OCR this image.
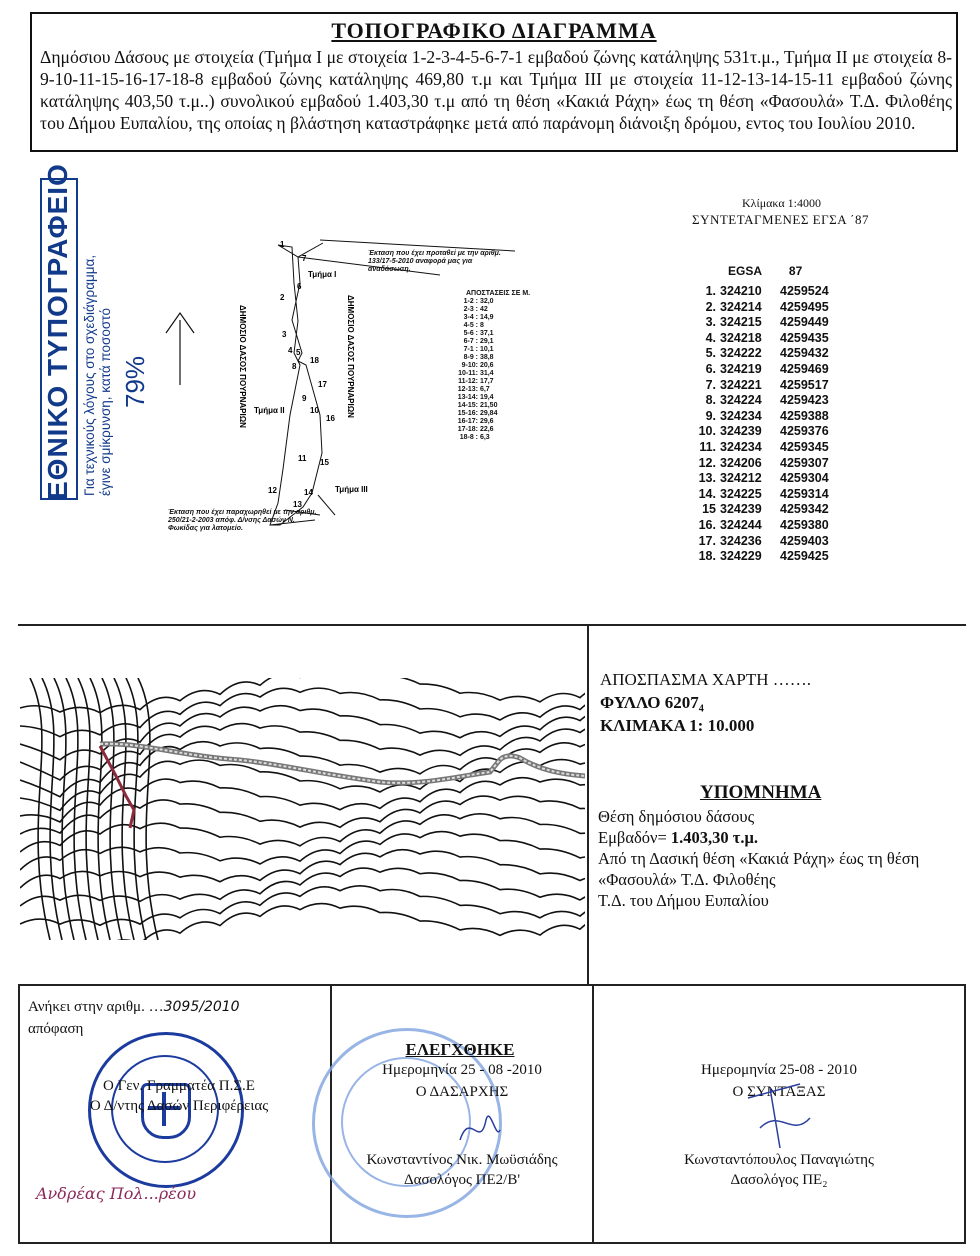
ΤΟΠΟΓΡΑΦΙΚΟ ΔΙΑΓΡΑΜΜΑ
Δημόσιου Δάσους με στοιχεία (Τμήμα Ι με στοιχεία 1-2-3-4-5-6-7-1 εμβαδού ζώνης κατάληψης 531τ.μ., Τμήμα ΙΙ με στοιχεία 8-9-10-11-15-16-17-18-8 εμβαδού ζώνης κατάληψης 469,80 τ.μ και Τμήμα ΙΙΙ με στοιχεία 11-12-13-14-15-11 εμβαδού ζώνης κατάληψης 403,50 τ.μ..) συνολικού εμβαδού 1.403,30 τ.μ από τη θέση «Κακιά Ράχη» έως τη θέση «Φασουλά» Τ.Δ. Φιλοθέης του Δήμου Ευπαλίου, της οποίας η βλάστηση καταστράφηκε μετά από παράνομη διάνοιξη δρόμου, εντος του Ιουλίου 2010.
ΕΘΝΙΚΟ ΤΥΠΟΓΡΑΦΕΙΟ Για τεχνικούς λόγους στο σχεδιάγραμμα, έγινε σμίκρυνση, κατά ποσοστό 79%
1
2
3
4 5
6
7
8
9
10
11
12
13
14
15
16
17
18
Τμήμα Ι
Τμήμα ΙΙ
Τμήμα ΙΙΙ
ΔΗΜΟΣΙΟ ΔΑΣΟΣ ΠΟΥΡΝΑΡΙΩΝ	ΔΗΜΟΣΙΟ ΔΑΣΟΣ ΠΟΥΡΝΑΡΙΩΝ
Έκταση που έχει προταθεί με την αριθμ. 133/17-5-2010 αναφορά μας για αναδάσωση.
Έκταση που έχει παραχωρηθεί με την αριθμ. 250/21-2-2003 απόφ. Δ/νσης Δασών Ν. Φωκίδας για λατομείο.
ΑΠΟΣΤΑΣΕΙΣ ΣΕ Μ.
1-2 : 32,0
2-3 : 42
3-4 : 14,9
4-5 : 8
5-6 : 37,1
6-7 : 29,1
7-1 : 10,1
8-9 : 38,8
9-10: 20,6
10-11: 31,4
11-12: 17,7
12-13: 6,7
13-14: 19,4
14-15: 21,50
15-16: 29,84
16-17: 29,6
17-18: 22,6
18-8 : 6,3
Κλίμακα 1:4000
ΣΥΝΤΕΤΑΓΜΕΝΕΣ ΕΓΣΑ ΄87
EGSA 87
1. 324210 4259524
2. 324214 4259495
3. 324215 4259449
4. 324218 4259435
5. 324222 4259432
6. 324219 4259469
7. 324221 4259517
8. 324224 4259423
9. 324234 4259388
10. 324239 4259376
11. 324234 4259345
12. 324206 4259307
13. 324212 4259304
14. 324225 4259314
15 324239 4259342
16. 324244 4259380
17. 324236 4259403
18. 324229 4259425
ΑΠΟΣΠΑΣΜΑ ΧΑΡΤΗ …….
ΦΥΛΛΟ 6207₄
ΚΛΙΜΑΚΑ 1: 10.000
ΥΠΟΜΝΗΜΑ
Θέση δημόσιου δάσους
Εμβαδόν= 1.403,30 τ.μ.
Από τη Δασική θέση «Κακιά Ράχη» έως τη θέση «Φασουλά» Τ.Δ. Φιλοθέης
Τ.Δ. του Δήμου Ευπαλίου
Ανήκει στην αριθμ. …3095/2010
απόφαση
Ο Γεν. Γραμματέα Π.Σ.Ε
Ο Δ/ντης Δασών Περιφέρειας
Ανδρέας Πολ...ρέου
ΕΛΕΓΧΘΗΚΕ
Ημερομηνία 25 - 08 -2010
Ο ΔΑΣΑΡΧΗΣ
Κωνσταντίνος Νικ. Μωϋσιάδης
Δασολόγος ΠΕ2/Β'
Ημερομηνία 25-08 - 2010
Ο ΣΥΝΤΑΞΑΣ
Κωνσταντόπουλος Παναγιώτης
Δασολόγος ΠΕ₂
